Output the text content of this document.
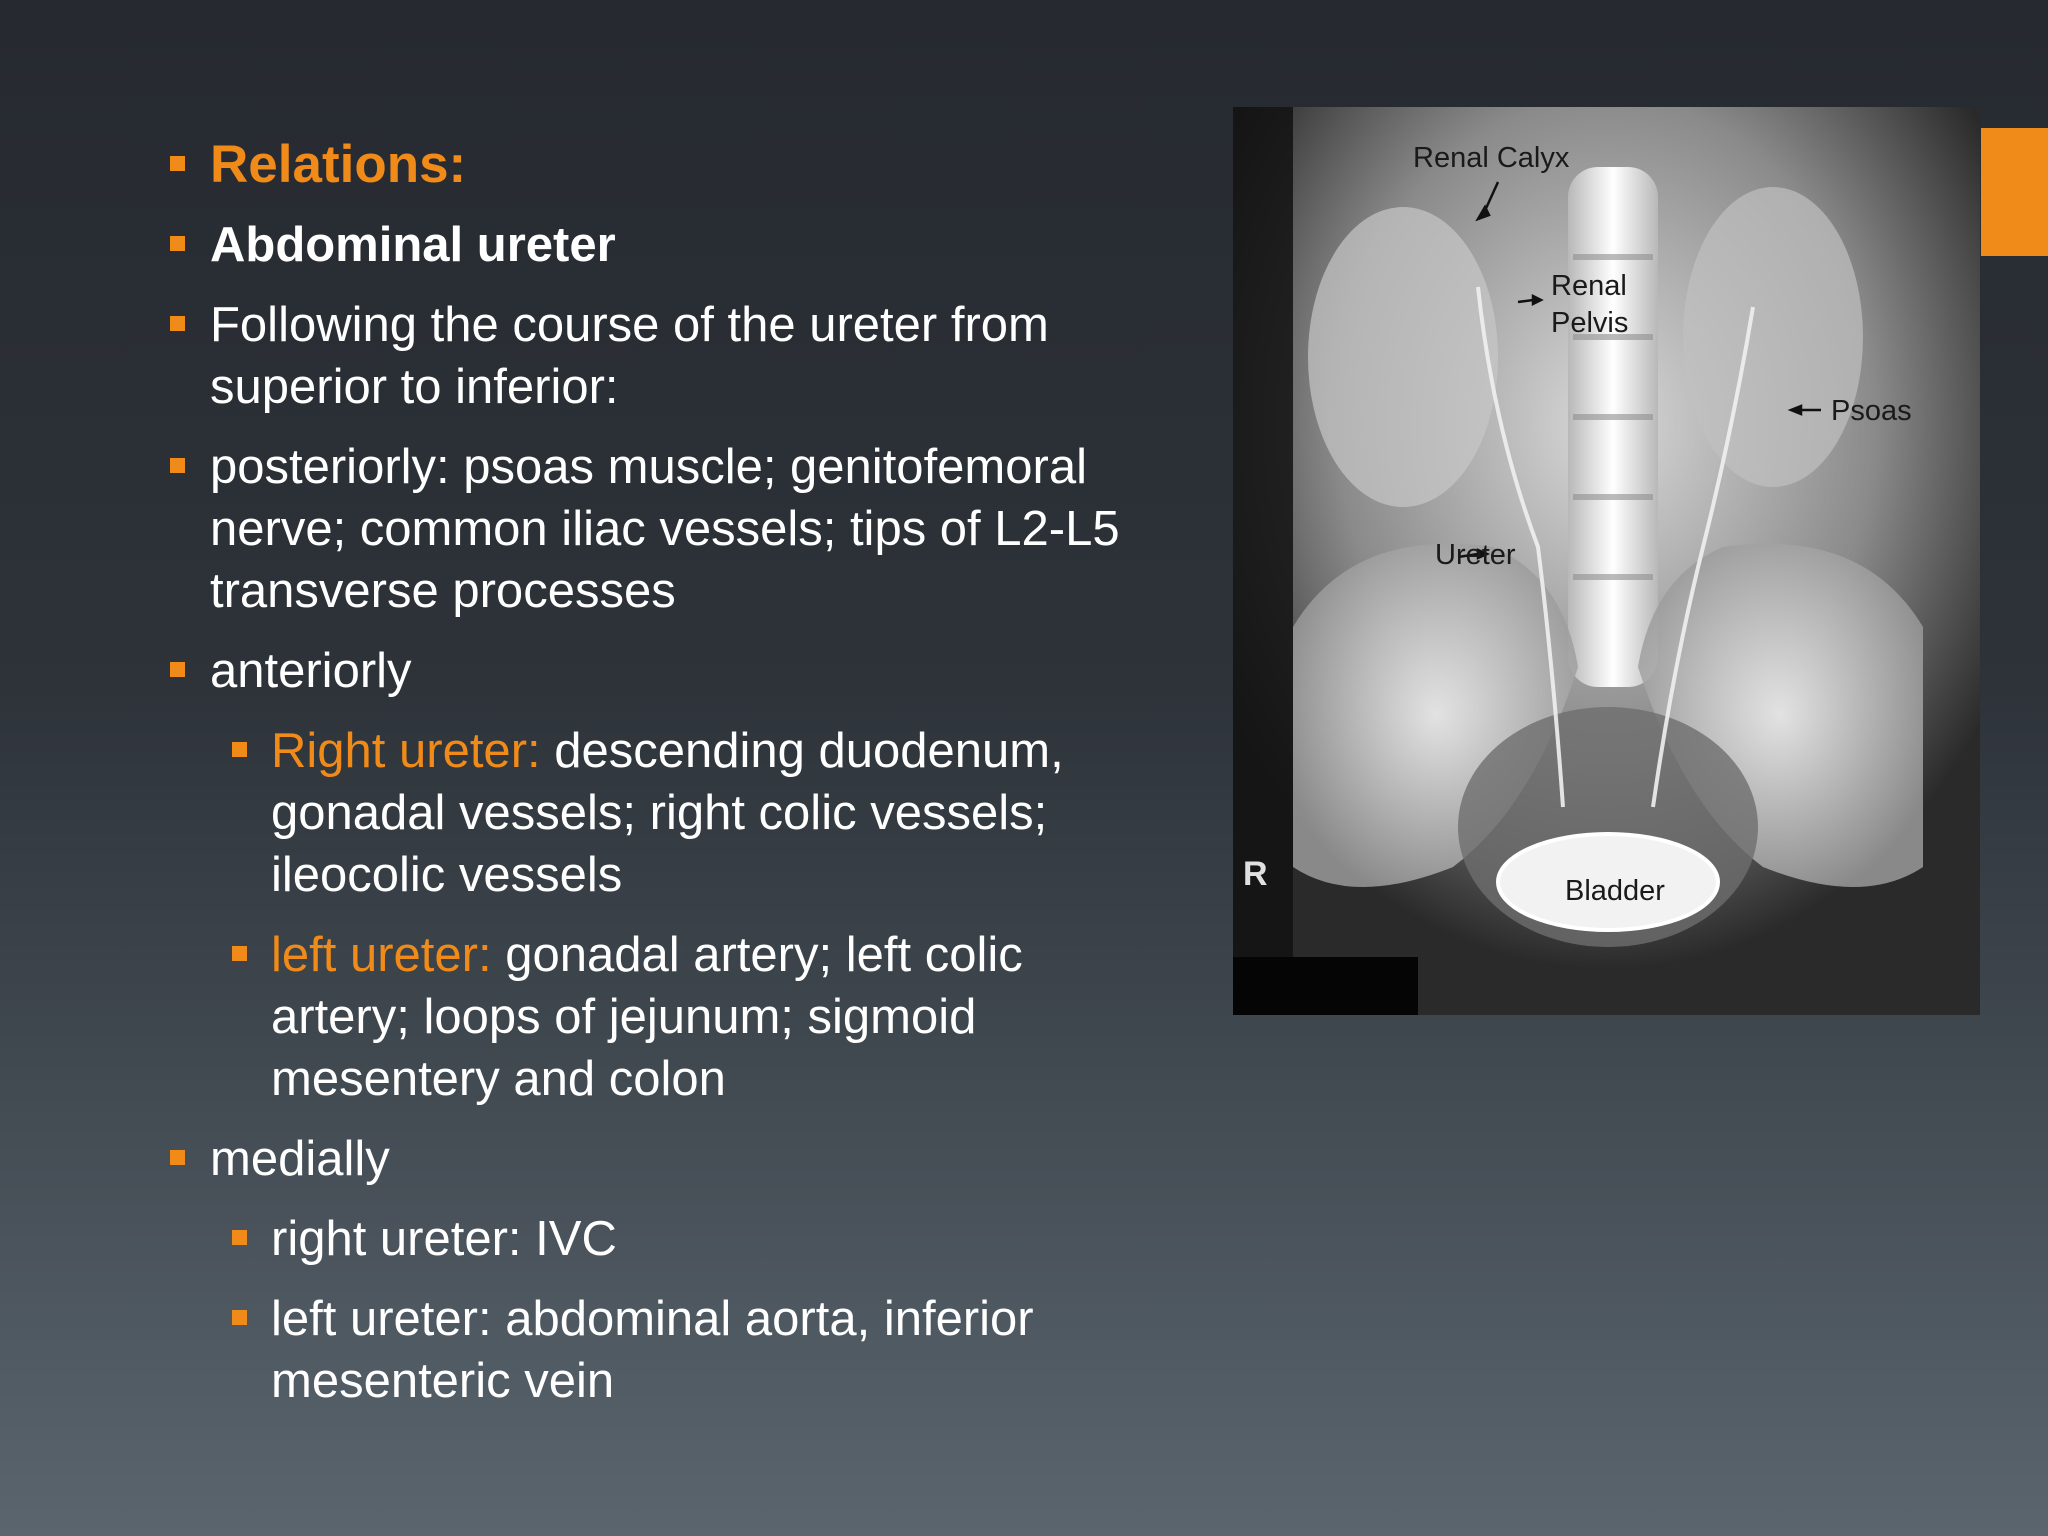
Relations:
Abdominal ureter
Following the course of the ureter from superior to inferior:
posteriorly: psoas muscle; genitofemoral nerve; common iliac vessels; tips of L2-L5 transverse processes
anteriorly
Right ureter: descending duodenum, gonadal vessels; right colic vessels; ileocolic vessels
left ureter: gonadal artery; left colic artery; loops of jejunum; sigmoid mesentery and colon
medially
right ureter: IVC
left ureter: abdominal aorta, inferior mesenteric vein
Renal Calyx
Renal
Pelvis
Psoas
Ureter
Bladder
R
